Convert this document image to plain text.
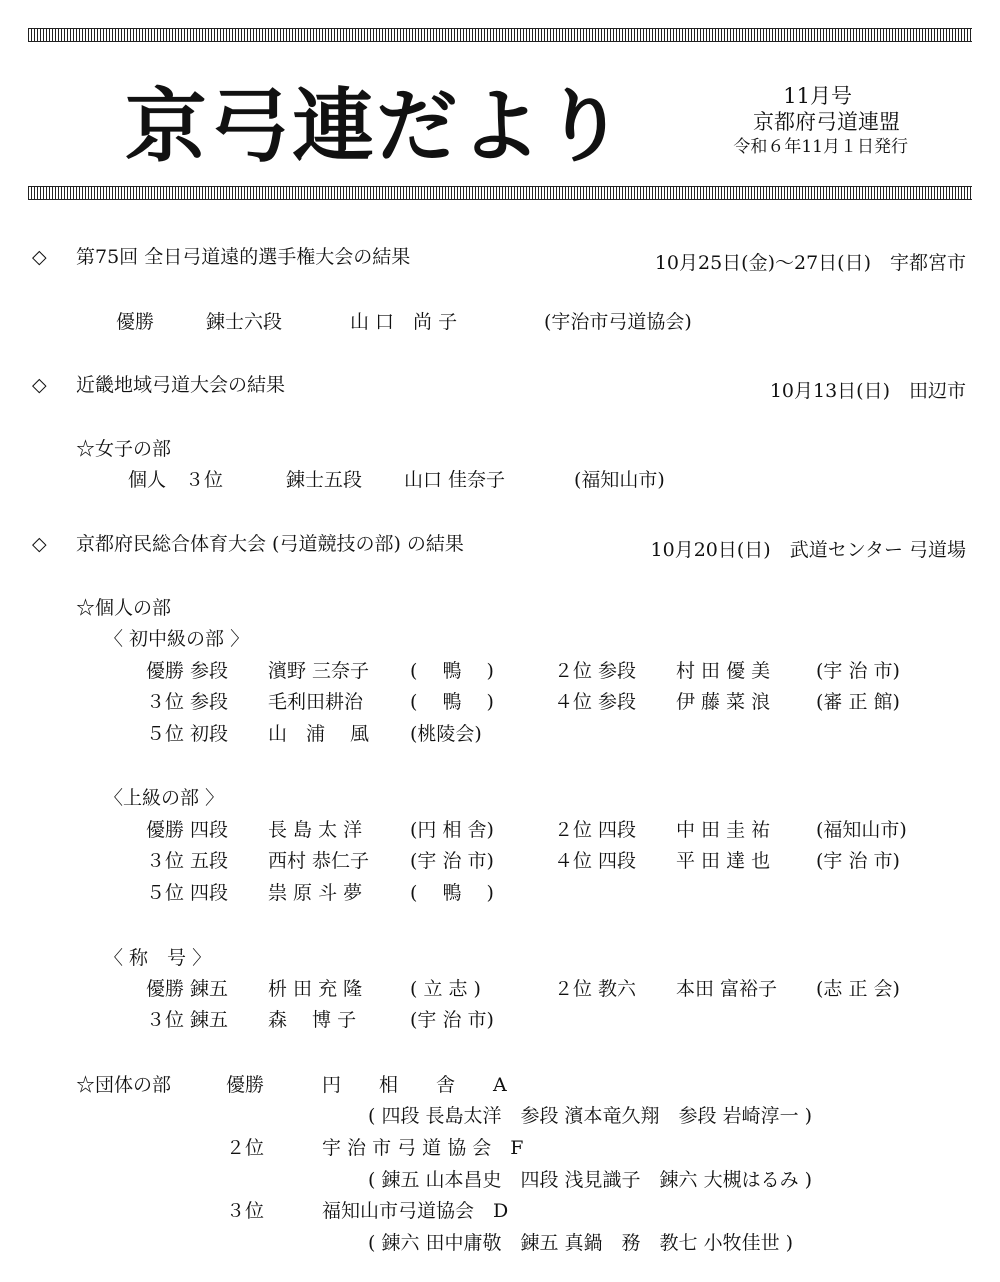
京弓連だより	11月号
京都府弓道連盟
令和６年11月１日発行
◇ 第75回 全日弓道遠的選手権大会の結果	10月25日(金)～27日(日)　宇都宮市
優勝	錬士六段	山 口　尚 子	(宇治市弓道協会)
◇ 近畿地域弓道大会の結果	10月13日(日)　田辺市
☆女子の部
個人　３位	錬士五段 山口 佳奈子	(福知山市)
◇ 京都府民総合体育大会 (弓道競技の部) の結果	10月20日(日)　武道センター 弓道場
☆個人の部
〈 初中級の部 〉
優勝 参段 濱野 三奈子 (　 鴨　 )	２位 参段 村 田 優 美 (宇 治 市)
３位 参段 毛利田耕治 (　 鴨　 )	４位 参段 伊 藤 菜 浪 (審 正 館)
５位 初段 山　浦　 風 (桃陵会)
〈上級の部 〉
優勝 四段 長 島 太 洋	(円 相 舎)	２位 四段 中 田 圭 祐 (福知山市)
３位 五段 西村 恭仁子 (宇 治 市)	４位 四段 平 田 達 也 (宇 治 市)
５位 四段 祟 原 斗 夢	(　 鴨　 )
〈 称　号 〉
優勝 錬五 枡 田 充 隆	( 立 志 )	２位 教六 本田 富裕子 (志 正 会)
３位 錬五 森　 博 子	(宇 治 市)
☆団体の部	優勝	円　　相　　舎　　A
( 四段 長島太洋　参段 濱本竜久翔　参段 岩崎淳一 )
２位	宇 治 市 弓 道 協 会　F
( 錬五 山本昌史　四段 浅見識子　錬六 大槻はるみ )
３位	福知山市弓道協会　D
( 錬六 田中庸敬　錬五 真鍋　務　教七 小牧佳世 )
